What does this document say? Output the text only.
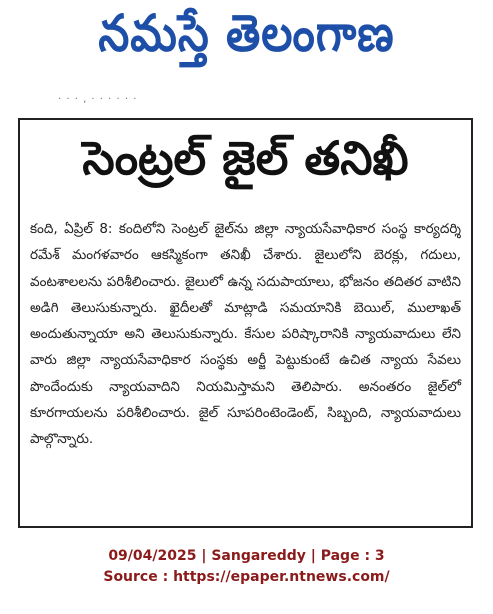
నమస్తే తెలంగాణ
· · · , · · · · · ·
సెంట్రల్ జైల్ తనిఖీ
కంది, ఏప్రిల్ 8: కందిలోని సెంట్రల్ జైల్‌ను జిల్లా న్యాయసేవాధికార సంస్థ కార్యదర్శి రమేశ్ మంగళవారం ఆకస్మికంగా తనిఖీ చేశారు. జైలులోని బెరక్లు, గదులు, వంటశాలలను పరిశీలించారు. జైలులో ఉన్న సదుపాయాలు, భోజనం తదితర వాటిని అడిగి తెలుసుకున్నారు. ఖైదీలతో మాట్లాడి సమయానికి బెయిల్, ములాఖత్ అందుతున్నాయా అని తెలుసుకున్నారు. కేసుల పరిష్కారానికి న్యాయవాదులు లేని వారు జిల్లా న్యాయసేవాధికార సంస్థకు అర్జీ పెట్టుకుంటే ఉచిత న్యాయ సేవలు పొందేందుకు న్యాయవాదిని నియమిస్తామని తెలిపారు. అనంతరం జైల్‌లో కూరగాయలను పరిశీలించారు. జైల్ సూపరింటెండెంట్, సిబ్బంది, న్యాయవాదులు పాల్గొన్నారు.
09/04/2025 | Sangareddy | Page : 3
Source : https://epaper.ntnews.com/
